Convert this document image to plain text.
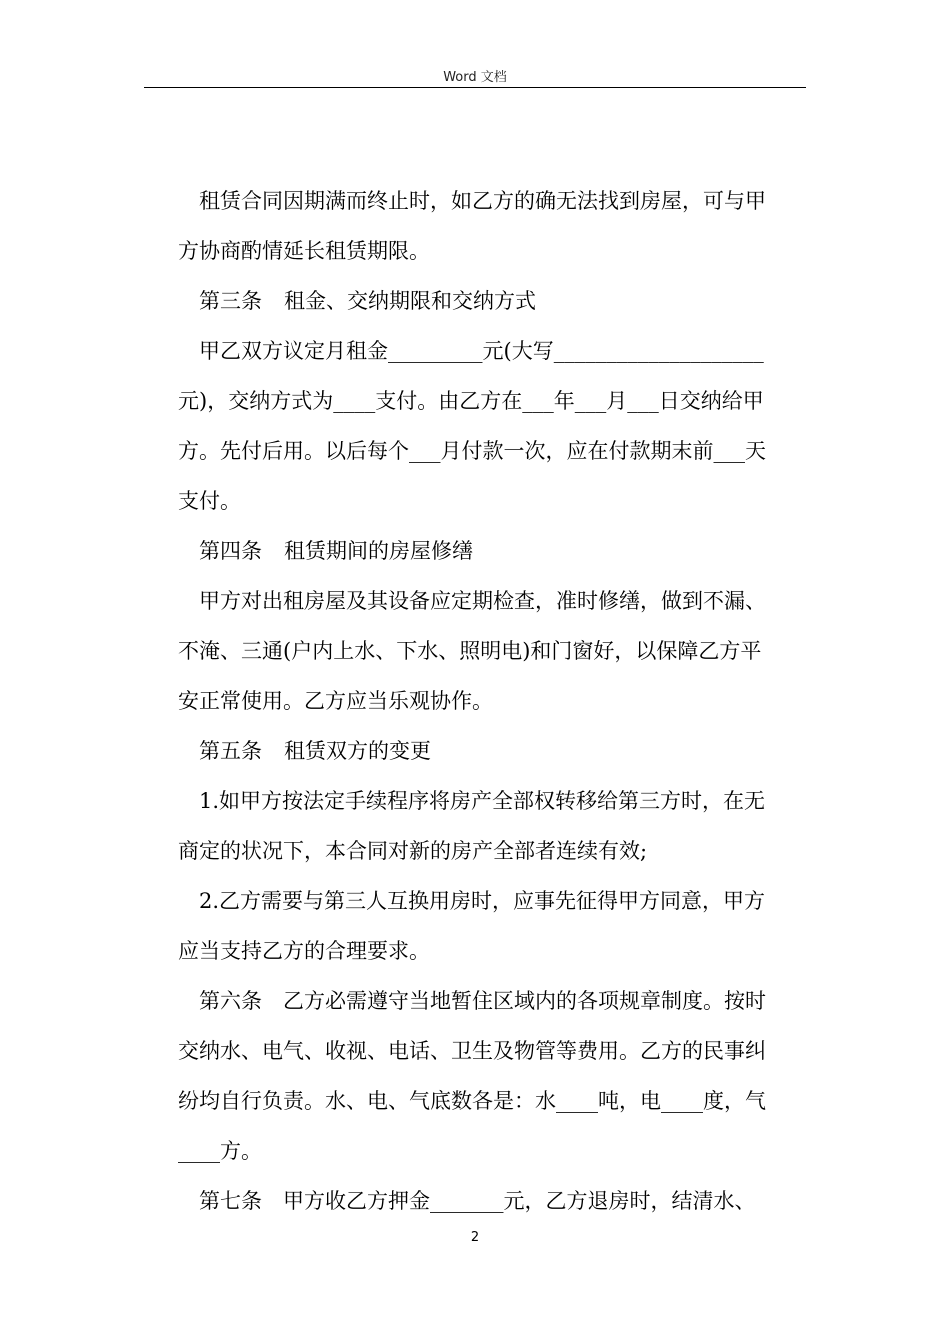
Word 文档

租赁合同因期满而终止时，如乙方的确无法找到房屋，可与甲
方协商酌情延长租赁期限。

第三条 租金、交纳期限和交纳方式

甲乙双方议定月租金_________元(大写____________________
元)，交纳方式为____支付。由乙方在___年___月___日交纳给甲
方。先付后用。以后每个___月付款一次，应在付款期末前___天
支付。

第四条 租赁期间的房屋修缮

甲方对出租房屋及其设备应定期检查，准时修缮，做到不漏、
不淹、三通(户内上水、下水、照明电)和门窗好，以保障乙方平
安正常使用。乙方应当乐观协作。

第五条 租赁双方的变更

1.如甲方按法定手续程序将房产全部权转移给第三方时，在无
商定的状况下，本合同对新的房产全部者连续有效;

2.乙方需要与第三人互换用房时，应事先征得甲方同意，甲方
应当支持乙方的合理要求。

第六条　乙方必需遵守当地暂住区域内的各项规章制度。按时
交纳水、电气、收视、电话、卫生及物管等费用。乙方的民事纠
纷均自行负责。水、电、气底数各是：水____吨，电____度，气
____方。

第七条　甲方收乙方押金_______元，乙方退房时，结清水、

2
